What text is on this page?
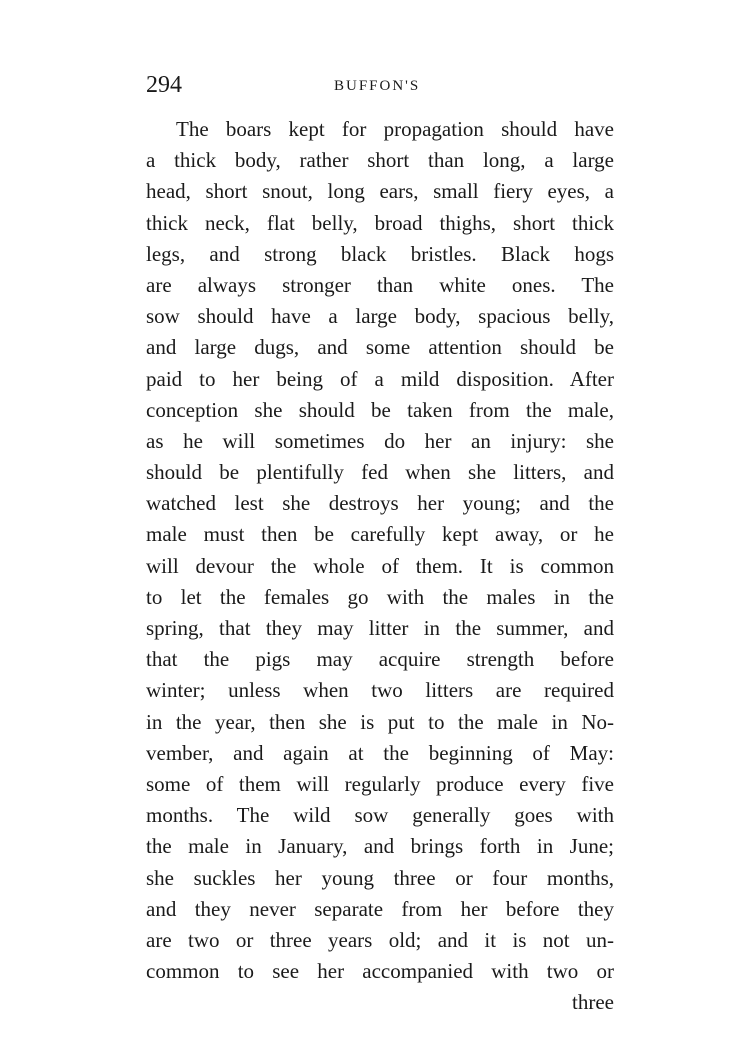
294	BUFFON'S
The boars kept for propagation should have
a thick body, rather short than long, a large
head, short snout, long ears, small fiery eyes, a
thick neck, flat belly, broad thighs, short thick
legs, and strong black bristles. Black hogs
are always stronger than white ones. The
sow should have a large body, spacious belly,
and large dugs, and some attention should be
paid to her being of a mild disposition. After
conception she should be taken from the male,
as he will sometimes do her an injury: she
should be plentifully fed when she litters, and
watched lest she destroys her young; and the
male must then be carefully kept away, or he
will devour the whole of them. It is common
to let the females go with the males in the
spring, that they may litter in the summer, and
that the pigs may acquire strength before
winter; unless when two litters are required
in the year, then she is put to the male in No-
vember, and again at the beginning of May:
some of them will regularly produce every five
months. The wild sow generally goes with
the male in January, and brings forth in June;
she suckles her young three or four months,
and they never separate from her before they
are two or three years old; and it is not un-
common to see her accompanied with two or
three
